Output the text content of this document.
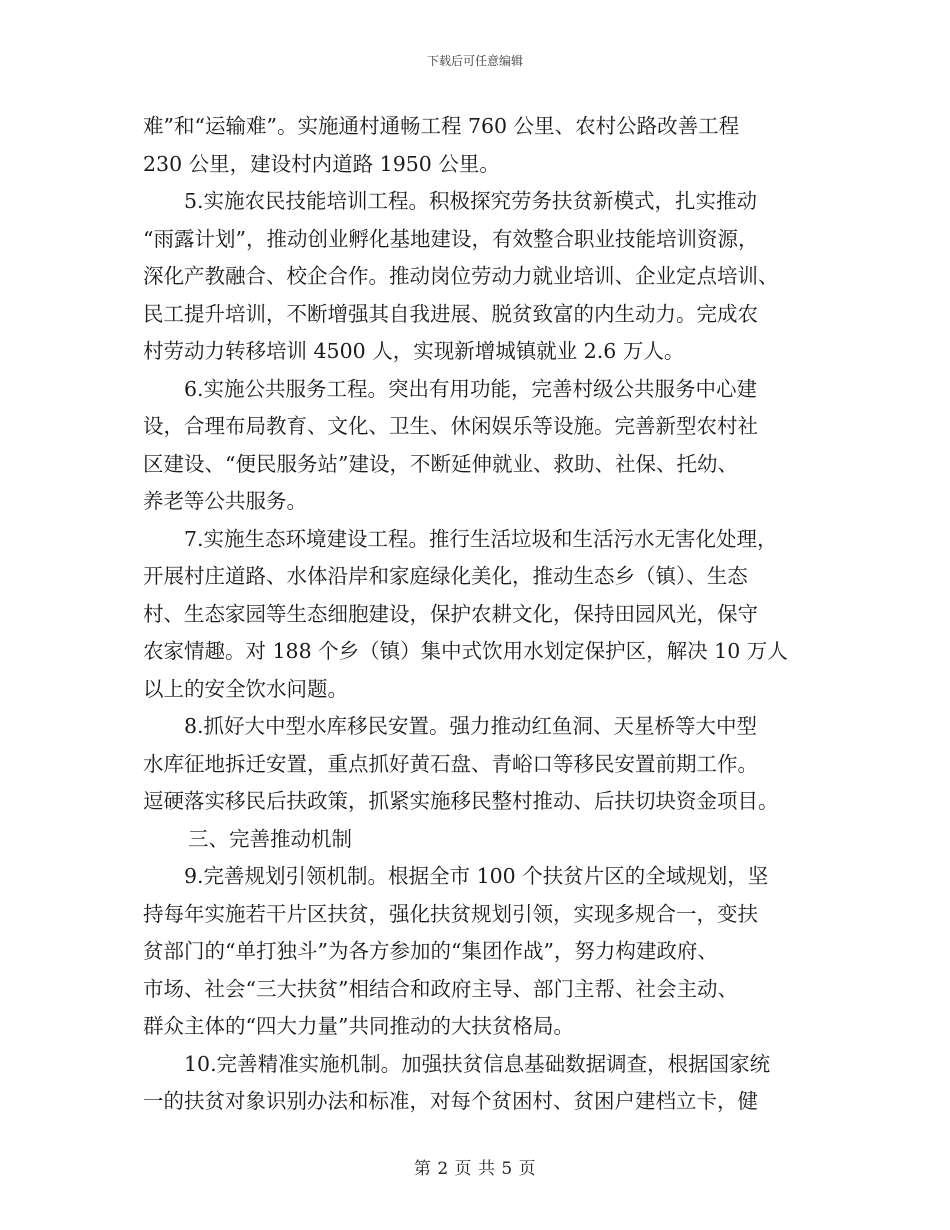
下载后可任意编辑
难”和“运输难”。实施通村通畅工程 760 公里、农村公路改善工程
230 公里，建设村内道路 1950 公里。
5.实施农民技能培训工程。积极探究劳务扶贫新模式，扎实推动
“雨露计划”，推动创业孵化基地建设，有效整合职业技能培训资源，
深化产教融合、校企合作。推动岗位劳动力就业培训、企业定点培训、
民工提升培训，不断增强其自我进展、脱贫致富的内生动力。完成农
村劳动力转移培训 4500 人，实现新增城镇就业 2.6 万人。
6.实施公共服务工程。突出有用功能，完善村级公共服务中心建
设，合理布局教育、文化、卫生、休闲娱乐等设施。完善新型农村社
区建设、“便民服务站”建设，不断延伸就业、救助、社保、托幼、
养老等公共服务。
7.实施生态环境建设工程。推行生活垃圾和生活污水无害化处理，
开展村庄道路、水体沿岸和家庭绿化美化，推动生态乡（镇）、生态
村、生态家园等生态细胞建设，保护农耕文化，保持田园风光，保守
农家情趣。对 188 个乡（镇）集中式饮用水划定保护区，解决 10 万人
以上的安全饮水问题。
8.抓好大中型水库移民安置。强力推动红鱼洞、天星桥等大中型
水库征地拆迁安置，重点抓好黄石盘、青峪口等移民安置前期工作。
逗硬落实移民后扶政策，抓紧实施移民整村推动、后扶切块资金项目。
三、完善推动机制
9.完善规划引领机制。根据全市 100 个扶贫片区的全域规划，坚
持每年实施若干片区扶贫，强化扶贫规划引领，实现多规合一，变扶
贫部门的“单打独斗”为各方参加的“集团作战”，努力构建政府、
市场、社会“三大扶贫”相结合和政府主导、部门主帮、社会主动、
群众主体的“四大力量”共同推动的大扶贫格局。
10.完善精准实施机制。加强扶贫信息基础数据调查，根据国家统
一的扶贫对象识别办法和标准，对每个贫困村、贫困户建档立卡，健
第 2 页 共 5 页
